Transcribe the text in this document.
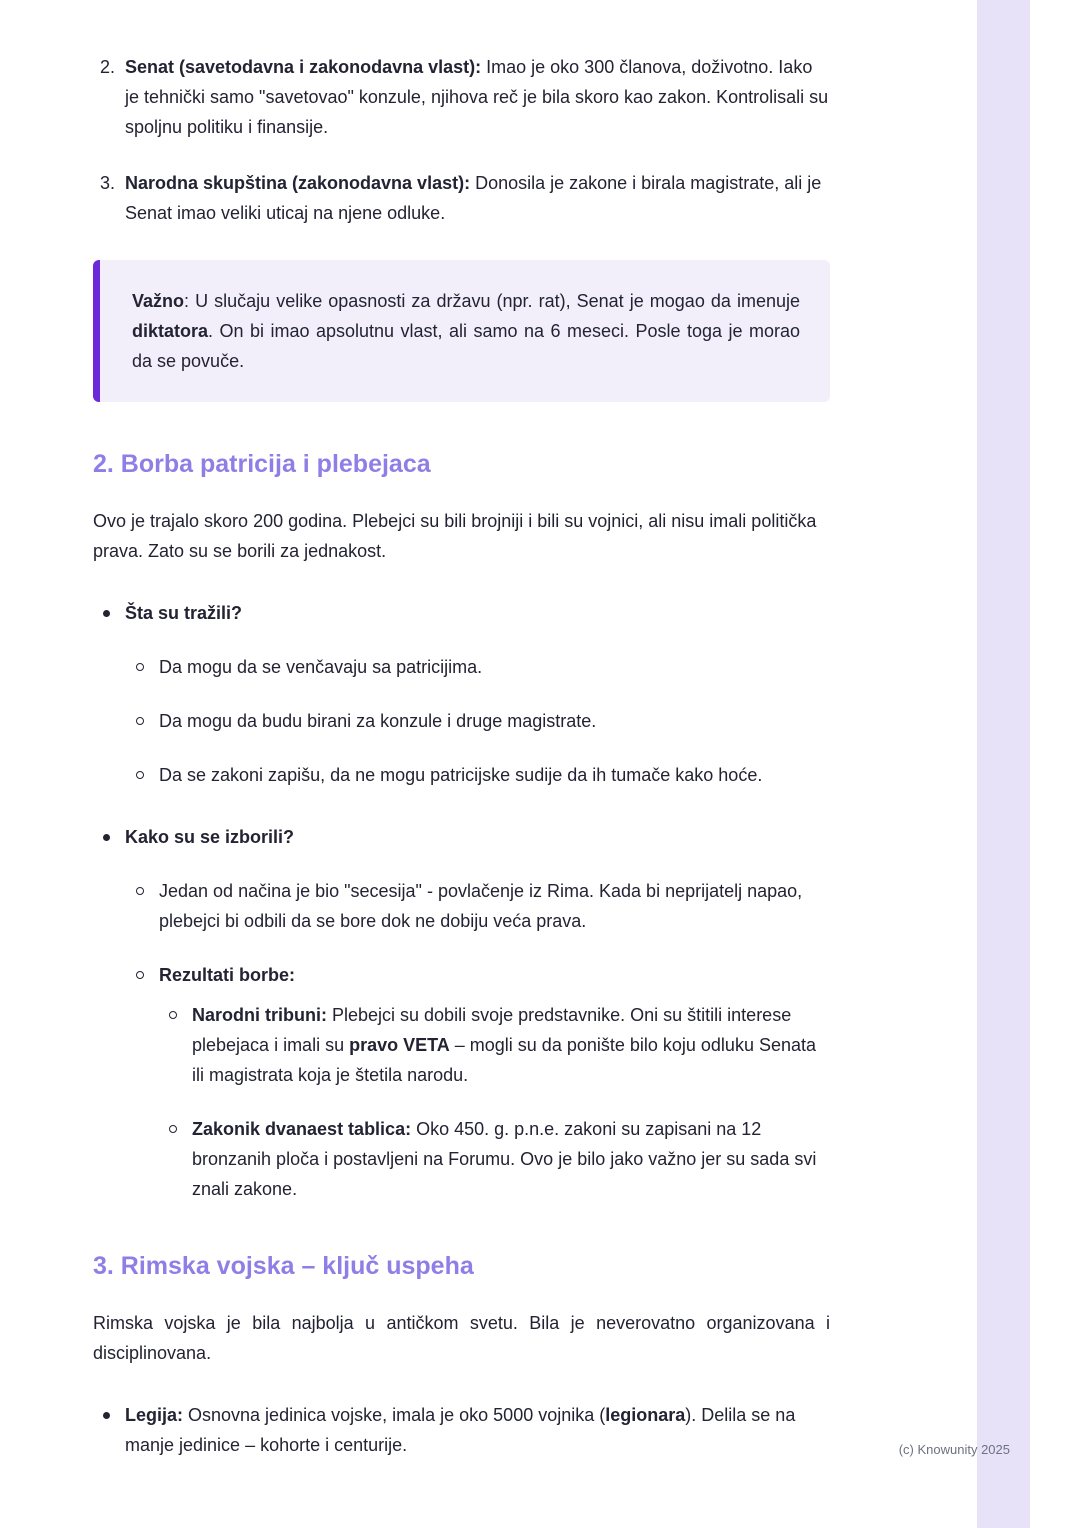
2. Senat (savetodavna i zakonodavna vlast): Imao je oko 300 članova, doživotno. Iako je tehnički samo "savetovao" konzule, njihova reč je bila skoro kao zakon. Kontrolisali su spoljnu politiku i finansije.

3. Narodna skupština (zakonodavna vlast): Donosila je zakone i birala magistrate, ali je Senat imao veliki uticaj na njene odluke.

Važno: U slučaju velike opasnosti za državu (npr. rat), Senat je mogao da imenuje diktatora. On bi imao apsolutnu vlast, ali samo na 6 meseci. Posle toga je morao da se povuče.

2. Borba patricija i plebejaca

Ovo je trajalo skoro 200 godina. Plebejci su bili brojniji i bili su vojnici, ali nisu imali politička prava. Zato su se borili za jednakost.

Šta su tražili?

Da mogu da se venčavaju sa patricijima.

Da mogu da budu birani za konzule i druge magistrate.

Da se zakoni zapišu, da ne mogu patricijske sudije da ih tumače kako hoće.

Kako su se izborili?

Jedan od načina je bio "secesija" - povlačenje iz Rima. Kada bi neprijatelj napao, plebejci bi odbili da se bore dok ne dobiju veća prava.

Rezultati borbe:

Narodni tribuni: Plebejci su dobili svoje predstavnike. Oni su štitili interese plebejaca i imali su pravo VETA – mogli su da ponište bilo koju odluku Senata ili magistrata koja je štetila narodu.

Zakonik dvanaest tablica: Oko 450. g. p.n.e. zakoni su zapisani na 12 bronzanih ploča i postavljeni na Forumu. Ovo je bilo jako važno jer su sada svi znali zakone.

3. Rimska vojska – ključ uspeha

Rimska vojska je bila najbolja u antičkom svetu. Bila je neverovatno organizovana i disciplinovana.

Legija: Osnovna jedinica vojske, imala je oko 5000 vojnika (legionara). Delila se na manje jedinice – kohorte i centurije.	(c) Knowunity 2025
